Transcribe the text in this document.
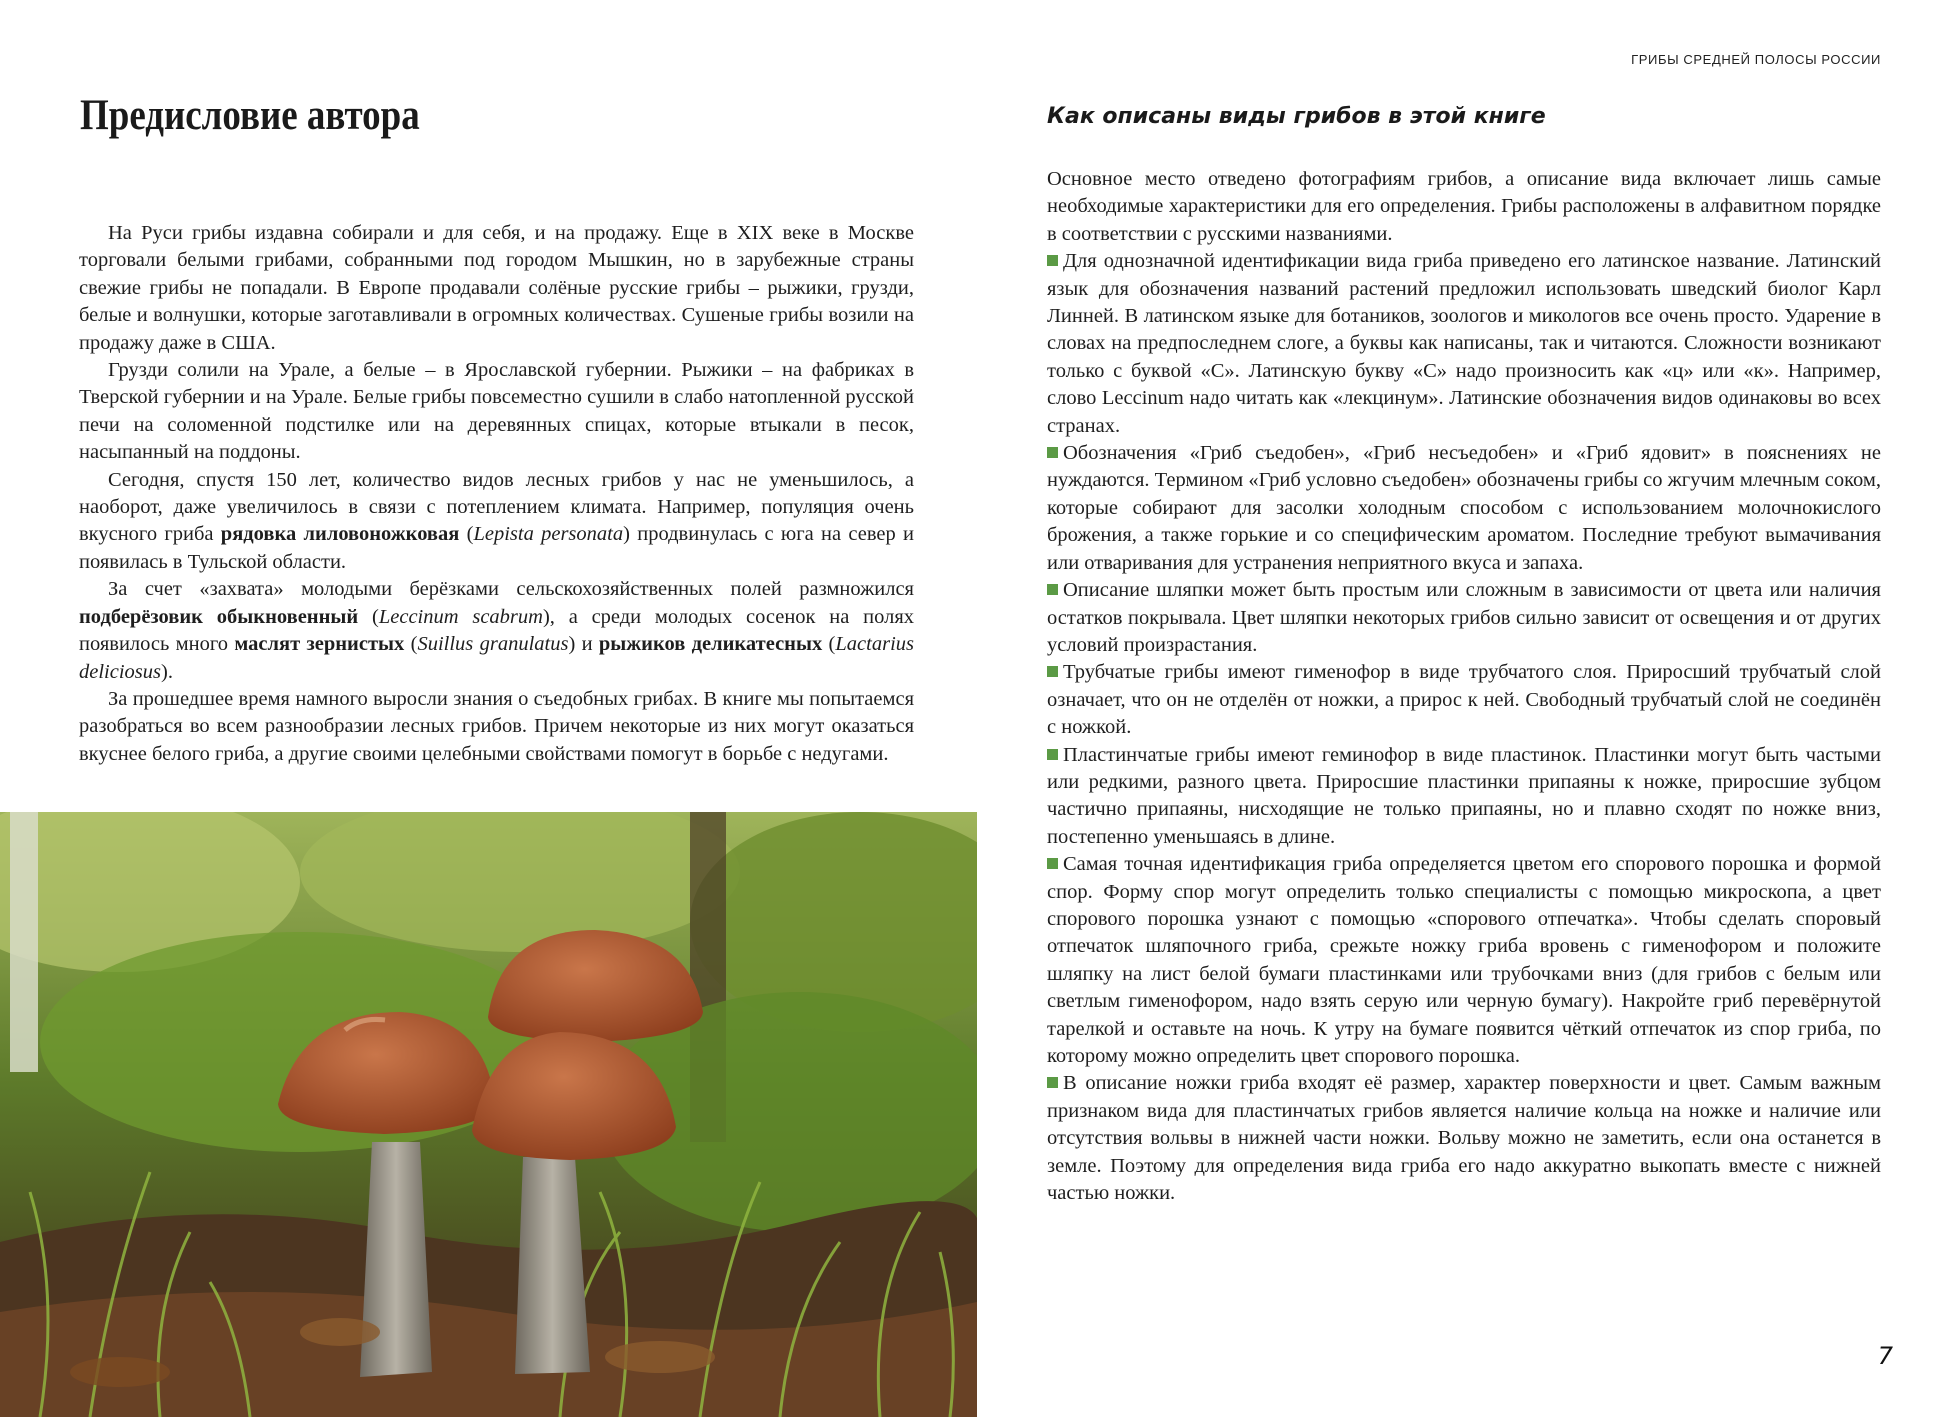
Предисловие автора

На Руси грибы издавна собирали и для себя, и на продажу. Еще в XIX веке в Москве торговали белыми грибами, собранными под городом Мышкин, но в зарубежные страны свежие грибы не попадали. В Европе продавали солёные русские грибы – рыжики, грузди, белые и волнушки, которые заготавливали в огромных количествах. Сушеные грибы возили на продажу даже в США.

Грузди солили на Урале, а белые – в Ярославской губернии. Рыжики – на фабриках в Тверской губернии и на Урале. Белые грибы повсеместно сушили в слабо натопленной русской печи на соломенной подстилке или на деревянных спицах, которые втыкали в песок, насыпанный на поддоны.

Сегодня, спустя 150 лет, количество видов лесных грибов у нас не уменьшилось, а наоборот, даже увеличилось в связи с потеплением климата. Например, популяция очень вкусного гриба рядовка лиловоножковая (Lepista personata) продвинулась с юга на север и появилась в Тульской области.

За счет «захвата» молодыми берёзками сельскохозяйственных полей размножился подберёзовик обыкновенный (Leccinum scabrum), а среди молодых сосенок на полях появилось много маслят зернистых (Suillus granulatus) и рыжиков деликатесных (Lactarius deliciosus).

За прошедшее время намного выросли знания о съедобных грибах. В книге мы попытаемся разобраться во всем разнообразии лесных грибов. Причем некоторые из них могут оказаться вкуснее белого гриба, а другие своими целебными свойствами помогут в борьбе с недугами.

ГРИБЫ СРЕДНЕЙ ПОЛОСЫ РОССИИ
Как описаны виды грибов в этой книге

Основное место отведено фотографиям грибов, а описание вида включает лишь самые необходимые характеристики для его определения. Грибы расположены в алфавитном порядке в соответствии с русскими названиями.

Для однозначной идентификации вида гриба приведено его латинское название. Латинский язык для обозначения названий растений предложил использовать шведский биолог Карл Линней. В латинском языке для ботаников, зоологов и микологов все очень просто. Ударение в словах на предпоследнем слоге, а буквы как написаны, так и читаются. Сложности возникают только с буквой «С». Латинскую букву «С» надо произносить как «ц» или «к». Например, слово Leccinum надо читать как «лекцинум». Латинские обозначения видов одинаковы во всех странах.

Обозначения «Гриб съедобен», «Гриб несъедобен» и «Гриб ядовит» в пояснениях не нуждаются. Термином «Гриб условно съедобен» обозначены грибы со жгучим млечным соком, которые собирают для засолки холодным способом с использованием молочнокислого брожения, а также горькие и со специфическим ароматом. Последние требуют вымачивания или отваривания для устранения неприятного вкуса и запаха.

Описание шляпки может быть простым или сложным в зависимости от цвета или наличия остатков покрывала. Цвет шляпки некоторых грибов сильно зависит от освещения и от других условий произрастания.

Трубчатые грибы имеют гименофор в виде трубчатого слоя. Приросший трубчатый слой означает, что он не отделён от ножки, а прирос к ней. Свободный трубчатый слой не соединён с ножкой.

Пластинчатые грибы имеют геминофор в виде пластинок. Пластинки могут быть частыми или редкими, разного цвета. Приросшие пластинки припаяны к ножке, приросшие зубцом частично припаяны, нисходящие не только припаяны, но и плавно сходят по ножке вниз, постепенно уменьшаясь в длине.

Самая точная идентификация гриба определяется цветом его спорового порошка и формой спор. Форму спор могут определить только специалисты с помощью микроскопа, а цвет спорового порошка узнают с помощью «спорового отпечатка». Чтобы сделать споровый отпечаток шляпочного гриба, срежьте ножку гриба вровень с гименофором и положите шляпку на лист белой бумаги пластинками или трубочками вниз (для грибов с белым или светлым гименофором, надо взять серую или черную бумагу). Накройте гриб перевёрнутой тарелкой и оставьте на ночь. К утру на бумаге появится чёткий отпечаток из спор гриба, по которому можно определить цвет спорового порошка.

В описание ножки гриба входят её размер, характер поверхности и цвет. Самым важным признаком вида для пластинчатых грибов является наличие кольца на ножке и наличие или отсутствия вольвы в нижней части ножки. Вольву можно не заметить, если она останется в земле. Поэтому для определения вида гриба его надо аккуратно выкопать вместе с нижней частью ножки.

7
